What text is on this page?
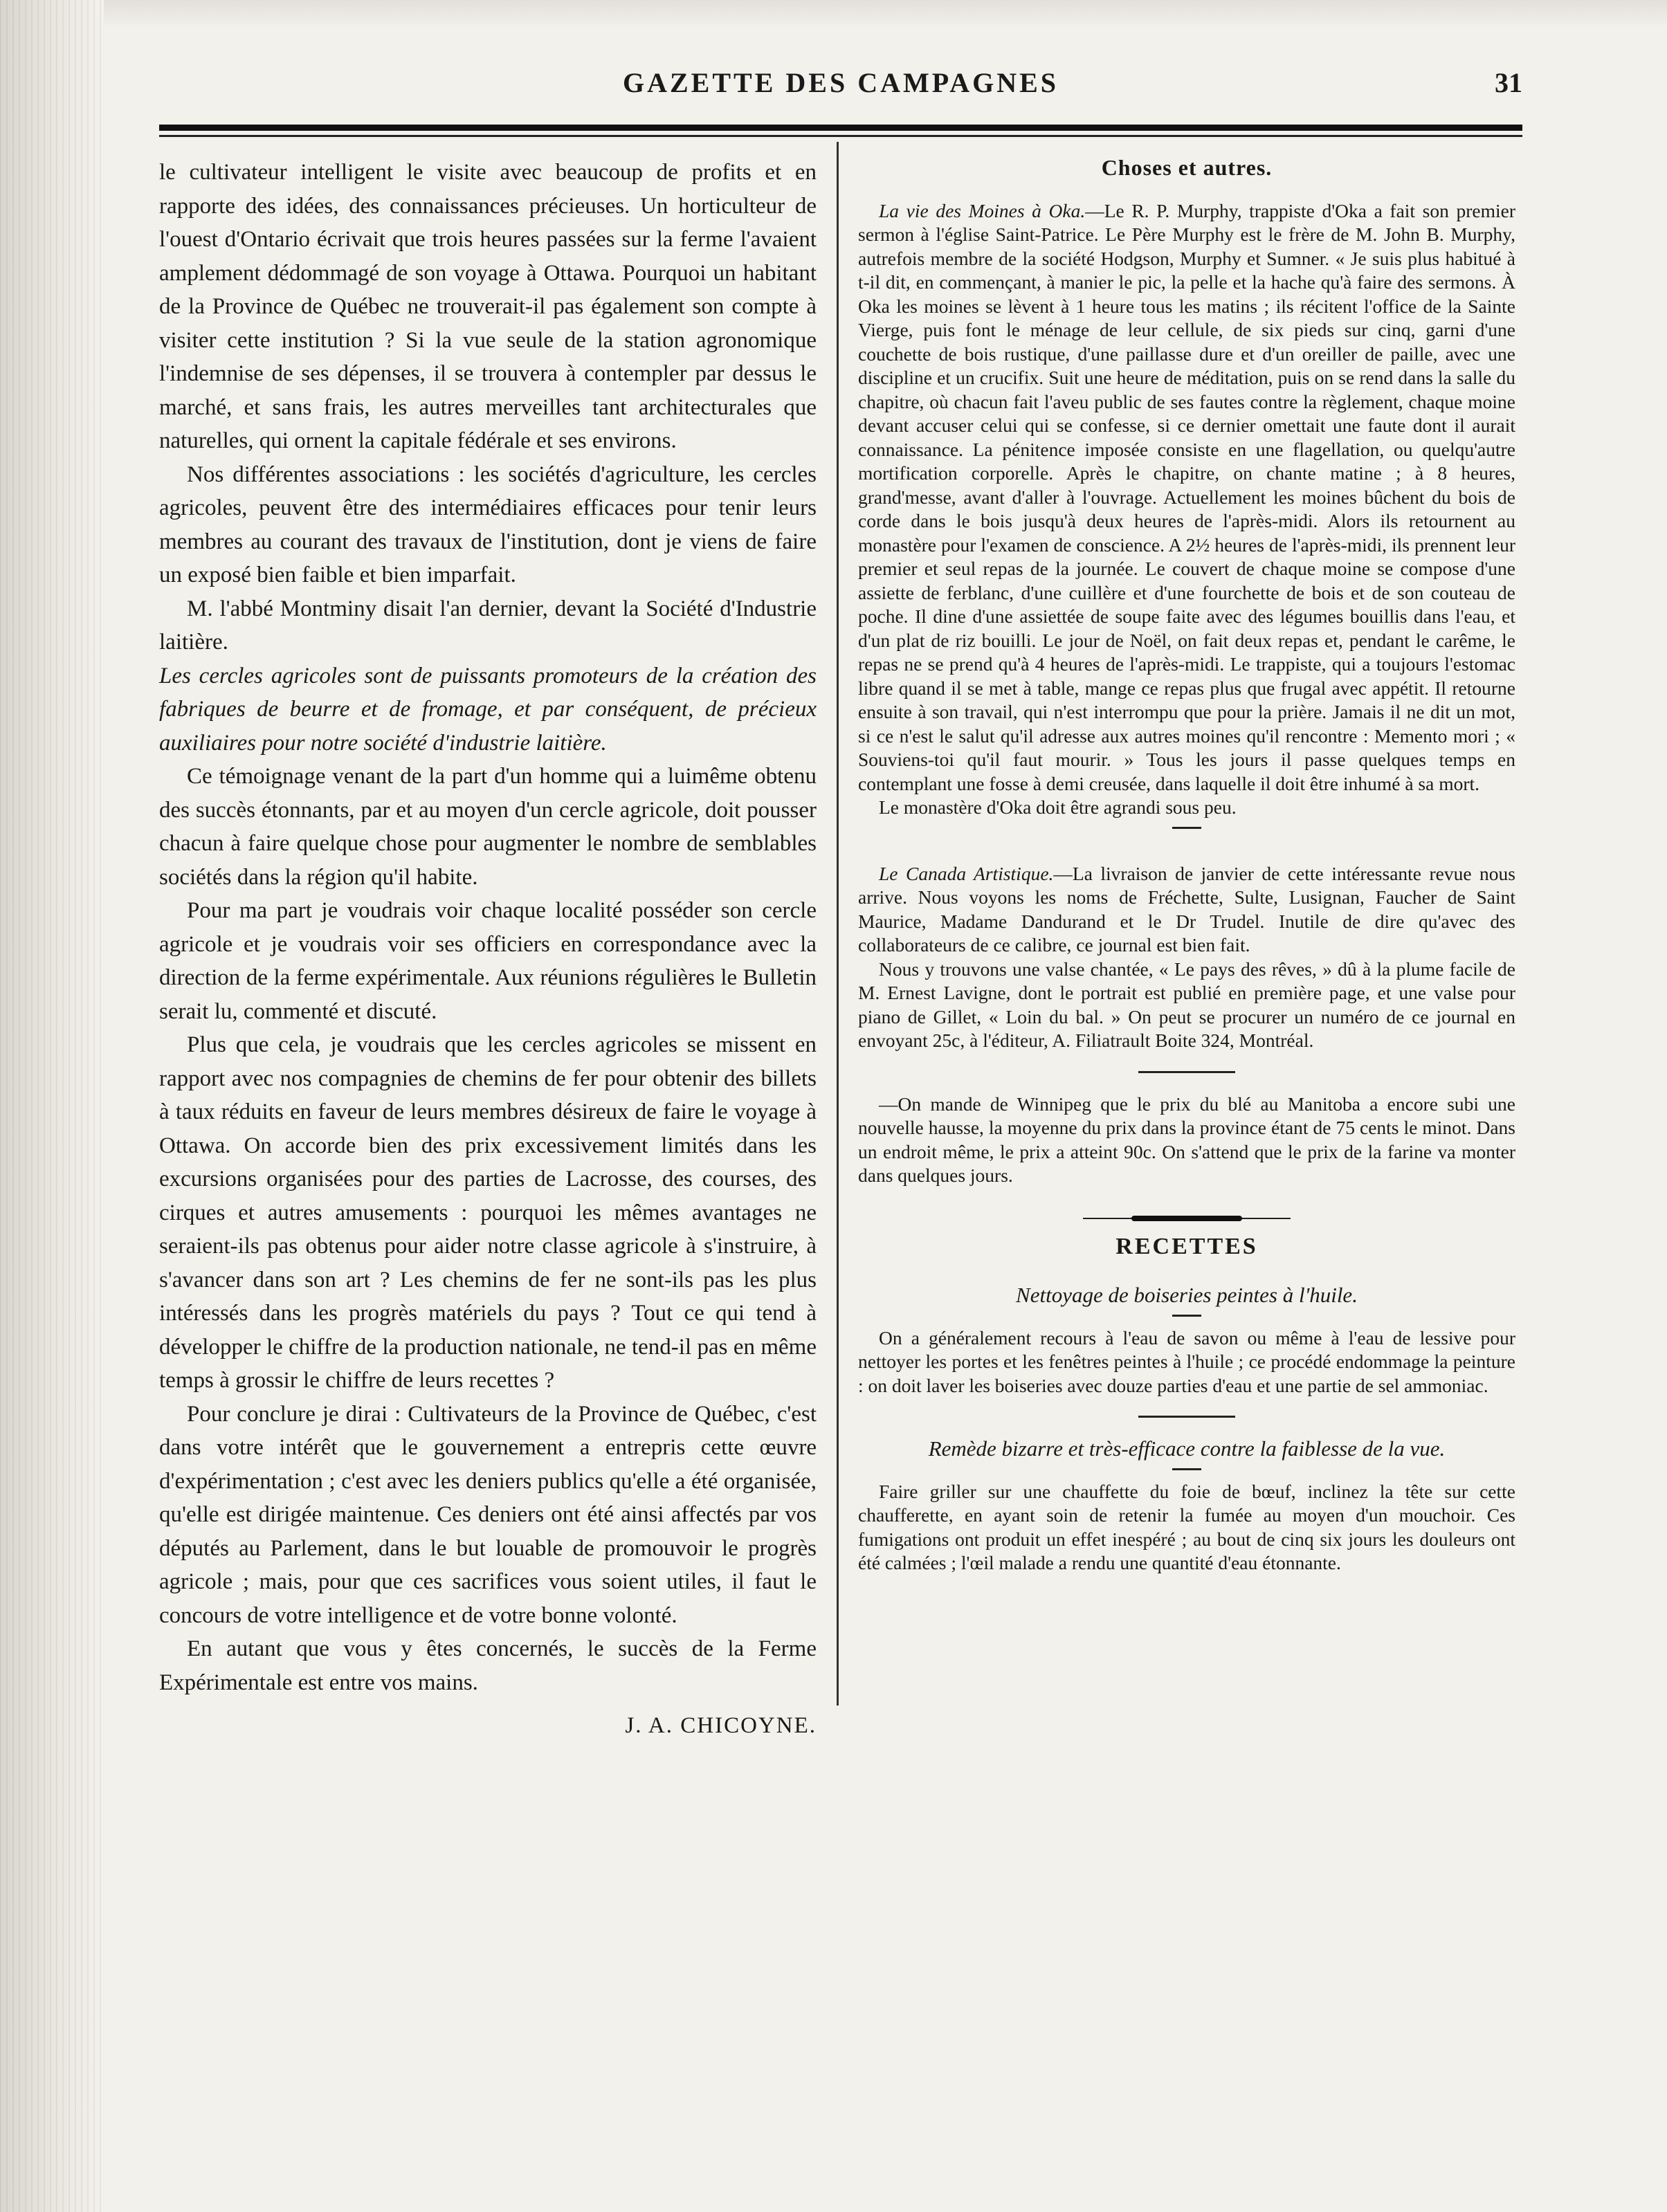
GAZETTE DES CAMPAGNES	31

le cultivateur intelligent le visite avec beaucoup de profits et en rapporte des idées, des connaissances précieuses. Un horticulteur de l'ouest d'Ontario écrivait que trois heures passées sur la ferme l'avaient amplement dédommagé de son voyage à Ottawa. Pourquoi un habitant de la Province de Québec ne trouverait-il pas également son compte à visiter cette institution ? Si la vue seule de la station agronomique l'indemnise de ses dépenses, il se trouvera à contempler par dessus le marché, et sans frais, les autres merveilles tant architecturales que naturelles, qui ornent la capitale fédérale et ses environs.

Nos différentes associations : les sociétés d'agriculture, les cercles agricoles, peuvent être des intermédiaires efficaces pour tenir leurs membres au courant des travaux de l'institution, dont je viens de faire un exposé bien faible et bien imparfait.

M. l'abbé Montminy disait l'an dernier, devant la Société d'Industrie laitière.

Les cercles agricoles sont de puissants promoteurs de la création des fabriques de beurre et de fromage, et par conséquent, de précieux auxiliaires pour notre société d'industrie laitière.

Ce témoignage venant de la part d'un homme qui a luimême obtenu des succès étonnants, par et au moyen d'un cercle agricole, doit pousser chacun à faire quelque chose pour augmenter le nombre de semblables sociétés dans la région qu'il habite.

Pour ma part je voudrais voir chaque localité posséder son cercle agricole et je voudrais voir ses officiers en correspondance avec la direction de la ferme expérimentale. Aux réunions régulières le Bulletin serait lu, commenté et discuté.

Plus que cela, je voudrais que les cercles agricoles se missent en rapport avec nos compagnies de chemins de fer pour obtenir des billets à taux réduits en faveur de leurs membres désireux de faire le voyage à Ottawa. On accorde bien des prix excessivement limités dans les excursions organisées pour des parties de Lacrosse, des courses, des cirques et autres amusements : pourquoi les mêmes avantages ne seraient-ils pas obtenus pour aider notre classe agricole à s'instruire, à s'avancer dans son art ? Les chemins de fer ne sont-ils pas les plus intéressés dans les progrès matériels du pays ? Tout ce qui tend à développer le chiffre de la production nationale, ne tend-il pas en même temps à grossir le chiffre de leurs recettes ?

Pour conclure je dirai : Cultivateurs de la Province de Québec, c'est dans votre intérêt que le gouvernement a entrepris cette œuvre d'expérimentation ; c'est avec les deniers publics qu'elle a été organisée, qu'elle est dirigée maintenue. Ces deniers ont été ainsi affectés par vos députés au Parlement, dans le but louable de promouvoir le progrès agricole ; mais, pour que ces sacrifices vous soient utiles, il faut le concours de votre intelligence et de votre bonne volonté.

En autant que vous y êtes concernés, le succès de la Ferme Expérimentale est entre vos mains.

J. A. CHICOYNE.

Choses et autres.

La vie des Moines à Oka.—Le R. P. Murphy, trappiste d'Oka a fait son premier sermon à l'église Saint-Patrice. Le Père Murphy est le frère de M. John B. Murphy, autrefois membre de la société Hodgson, Murphy et Sumner. « Je suis plus habitué à t-il dit, en commençant, à manier le pic, la pelle et la hache qu'à faire des sermons. À Oka les moines se lèvent à 1 heure tous les matins ; ils récitent l'office de la Sainte Vierge, puis font le ménage de leur cellule, de six pieds sur cinq, garni d'une couchette de bois rustique, d'une paillasse dure et d'un oreiller de paille, avec une discipline et un crucifix. Suit une heure de méditation, puis on se rend dans la salle du chapitre, où chacun fait l'aveu public de ses fautes contre la règlement, chaque moine devant accuser celui qui se confesse, si ce dernier omettait une faute dont il aurait connaissance. La pénitence imposée consiste en une flagellation, ou quelqu'autre mortification corporelle. Après le chapitre, on chante matine ; à 8 heures, grand'messe, avant d'aller à l'ouvrage. Actuellement les moines bûchent du bois de corde dans le bois jusqu'à deux heures de l'après-midi. Alors ils retournent au monastère pour l'examen de conscience. A 2½ heures de l'après-midi, ils prennent leur premier et seul repas de la journée. Le couvert de chaque moine se compose d'une assiette de ferblanc, d'une cuillère et d'une fourchette de bois et de son couteau de poche. Il dine d'une assiettée de soupe faite avec des légumes bouillis dans l'eau, et d'un plat de riz bouilli. Le jour de Noël, on fait deux repas et, pendant le carême, le repas ne se prend qu'à 4 heures de l'après-midi. Le trappiste, qui a toujours l'estomac libre quand il se met à table, mange ce repas plus que frugal avec appétit. Il retourne ensuite à son travail, qui n'est interrompu que pour la prière. Jamais il ne dit un mot, si ce n'est le salut qu'il adresse aux autres moines qu'il rencontre : Memento mori ; « Souviens-toi qu'il faut mourir. » Tous les jours il passe quelques temps en contemplant une fosse à demi creusée, dans laquelle il doit être inhumé à sa mort.

Le monastère d'Oka doit être agrandi sous peu.

Le Canada Artistique.—La livraison de janvier de cette intéressante revue nous arrive. Nous voyons les noms de Fréchette, Sulte, Lusignan, Faucher de Saint Maurice, Madame Dandurand et le Dr Trudel. Inutile de dire qu'avec des collaborateurs de ce calibre, ce journal est bien fait.

Nous y trouvons une valse chantée, « Le pays des rêves, » dû à la plume facile de M. Ernest Lavigne, dont le portrait est publié en première page, et une valse pour piano de Gillet, « Loin du bal. » On peut se procurer un numéro de ce journal en envoyant 25c, à l'éditeur, A. Filiatrault Boite 324, Montréal.

—On mande de Winnipeg que le prix du blé au Manitoba a encore subi une nouvelle hausse, la moyenne du prix dans la province étant de 75 cents le minot. Dans un endroit même, le prix a atteint 90c. On s'attend que le prix de la farine va monter dans quelques jours.

RECETTES
Nettoyage de boiseries peintes à l'huile.

On a généralement recours à l'eau de savon ou même à l'eau de lessive pour nettoyer les portes et les fenêtres peintes à l'huile ; ce procédé endommage la peinture : on doit laver les boiseries avec douze parties d'eau et une partie de sel ammoniac.

Remède bizarre et très-efficace contre la faiblesse de la vue.

Faire griller sur une chauffette du foie de bœuf, inclinez la tête sur cette chaufferette, en ayant soin de retenir la fumée au moyen d'un mouchoir. Ces fumigations ont produit un effet inespéré ; au bout de cinq six jours les douleurs ont été calmées ; l'œil malade a rendu une quantité d'eau étonnante.
